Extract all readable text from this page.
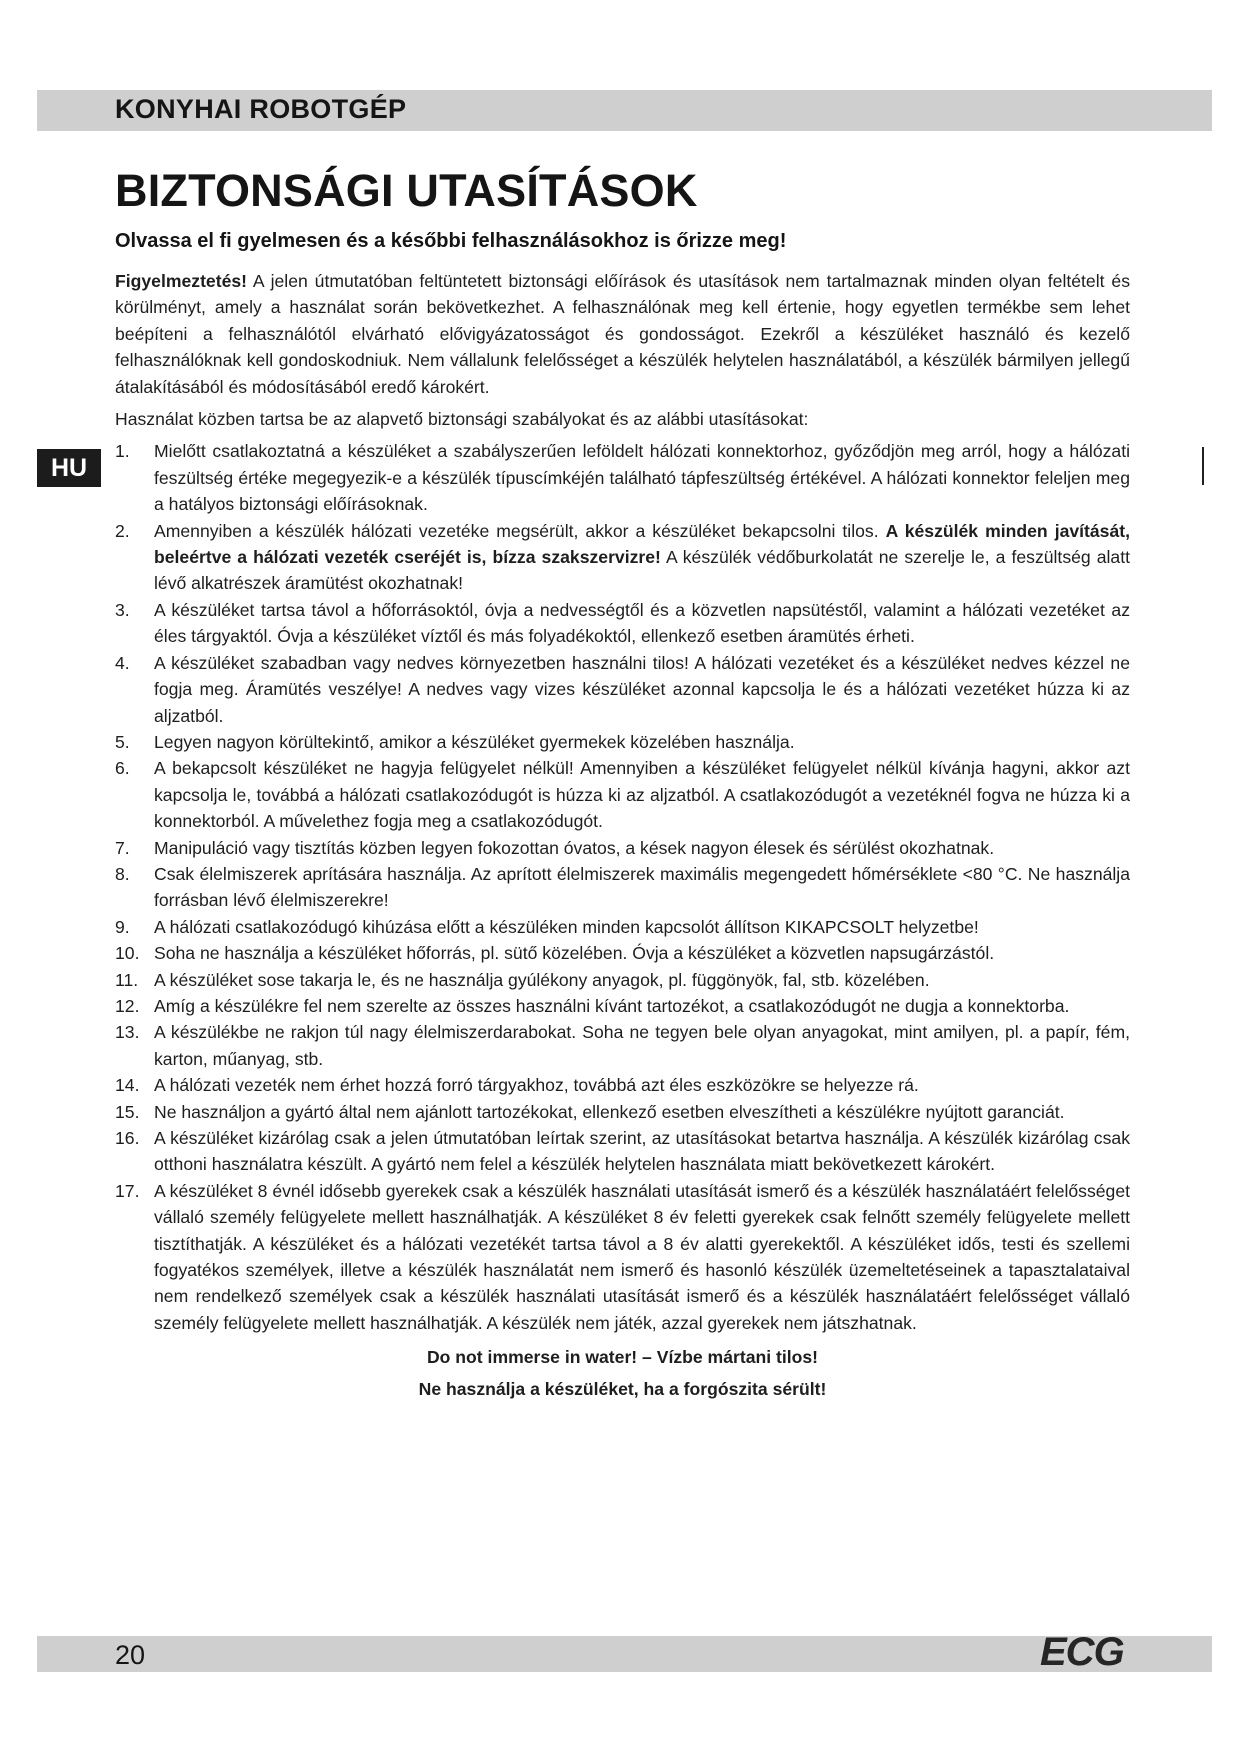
KONYHAI ROBOTGÉP
BIZTONSÁGI UTASÍTÁSOK
Olvassa el fi gyelmesen és a későbbi felhasználásokhoz is őrizze meg!
HU

Figyelmeztetés! A jelen útmutatóban feltüntetett biztonsági előírások és utasítások nem tartalmaznak minden olyan feltételt és körülményt, amely a használat során bekövetkezhet. A felhasználónak meg kell értenie, hogy egyetlen termékbe sem lehet beépíteni a felhasználótól elvárható elővigyázatosságot és gondosságot. Ezekről a készüléket használó és kezelő felhasználóknak kell gondoskodniuk. Nem vállalunk felelősséget a készülék helytelen használatából, a készülék bármilyen jellegű átalakításából és módosításából eredő károkért.

Használat közben tartsa be az alapvető biztonsági szabályokat és az alábbi utasításokat:

1. Mielőtt csatlakoztatná a készüléket a szabályszerűen leföldelt hálózati konnektorhoz, győződjön meg arról, hogy a hálózati feszültség értéke megegyezik-e a készülék típuscímkéjén található tápfeszültség értékével. A hálózati konnektor feleljen meg a hatályos biztonsági előírásoknak.
2. Amennyiben a készülék hálózati vezetéke megsérült, akkor a készüléket bekapcsolni tilos. A készülék minden javítását, beleértve a hálózati vezeték cseréjét is, bízza szakszervizre! A készülék védőburkolatát ne szerelje le, a feszültség alatt lévő alkatrészek áramütést okozhatnak!
3. A készüléket tartsa távol a hőforrásoktól, óvja a nedvességtől és a közvetlen napsütéstől, valamint a hálózati vezetéket az éles tárgyaktól. Óvja a készüléket víztől és más folyadékoktól, ellenkező esetben áramütés érheti.
4. A készüléket szabadban vagy nedves környezetben használni tilos! A hálózati vezetéket és a készüléket nedves kézzel ne fogja meg. Áramütés veszélye! A nedves vagy vizes készüléket azonnal kapcsolja le és a hálózati vezetéket húzza ki az aljzatból.
5. Legyen nagyon körültekintő, amikor a készüléket gyermekek közelében használja.
6. A bekapcsolt készüléket ne hagyja felügyelet nélkül! Amennyiben a készüléket felügyelet nélkül kívánja hagyni, akkor azt kapcsolja le, továbbá a hálózati csatlakozódugót is húzza ki az aljzatból. A csatlakozódugót a vezetéknél fogva ne húzza ki a konnektorból. A művelethez fogja meg a csatlakozódugót.
7. Manipuláció vagy tisztítás közben legyen fokozottan óvatos, a kések nagyon élesek és sérülést okozhatnak.
8. Csak élelmiszerek aprítására használja. Az aprított élelmiszerek maximális megengedett hőmérséklete <80 °C. Ne használja forrásban lévő élelmiszerekre!
9. A hálózati csatlakozódugó kihúzása előtt a készüléken minden kapcsolót állítson KIKAPCSOLT helyzetbe!
10. Soha ne használja a készüléket hőforrás, pl. sütő közelében. Óvja a készüléket a közvetlen napsugárzástól.
11. A készüléket sose takarja le, és ne használja gyúlékony anyagok, pl. függönyök, fal, stb. közelében.
12. Amíg a készülékre fel nem szerelte az összes használni kívánt tartozékot, a csatlakozódugót ne dugja a konnektorba.
13. A készülékbe ne rakjon túl nagy élelmiszerdarabokat. Soha ne tegyen bele olyan anyagokat, mint amilyen, pl. a papír, fém, karton, műanyag, stb.
14. A hálózati vezeték nem érhet hozzá forró tárgyakhoz, továbbá azt éles eszközökre se helyezze rá.
15. Ne használjon a gyártó által nem ajánlott tartozékokat, ellenkező esetben elveszítheti a készülékre nyújtott garanciát.
16. A készüléket kizárólag csak a jelen útmutatóban leírtak szerint, az utasításokat betartva használja. A készülék kizárólag csak otthoni használatra készült. A gyártó nem felel a készülék helytelen használata miatt bekövetkezett károkért.
17. A készüléket 8 évnél idősebb gyerekek csak a készülék használati utasítását ismerő és a készülék használatáért felelősséget vállaló személy felügyelete mellett használhatják. A készüléket 8 év feletti gyerekek csak felnőtt személy felügyelete mellett tisztíthatják. A készüléket és a hálózati vezetékét tartsa távol a 8 év alatti gyerekektől. A készüléket idős, testi és szellemi fogyatékos személyek, illetve a készülék használatát nem ismerő és hasonló készülék üzemeltetéseinek a tapasztalataival nem rendelkező személyek csak a készülék használati utasítását ismerő és a készülék használatáért felelősséget vállaló személy felügyelete mellett használhatják. A készülék nem játék, azzal gyerekek nem játszhatnak.

Do not immerse in water! – Vízbe mártani tilos!

Ne használja a készüléket, ha a forgószita sérült!

20	ECG
